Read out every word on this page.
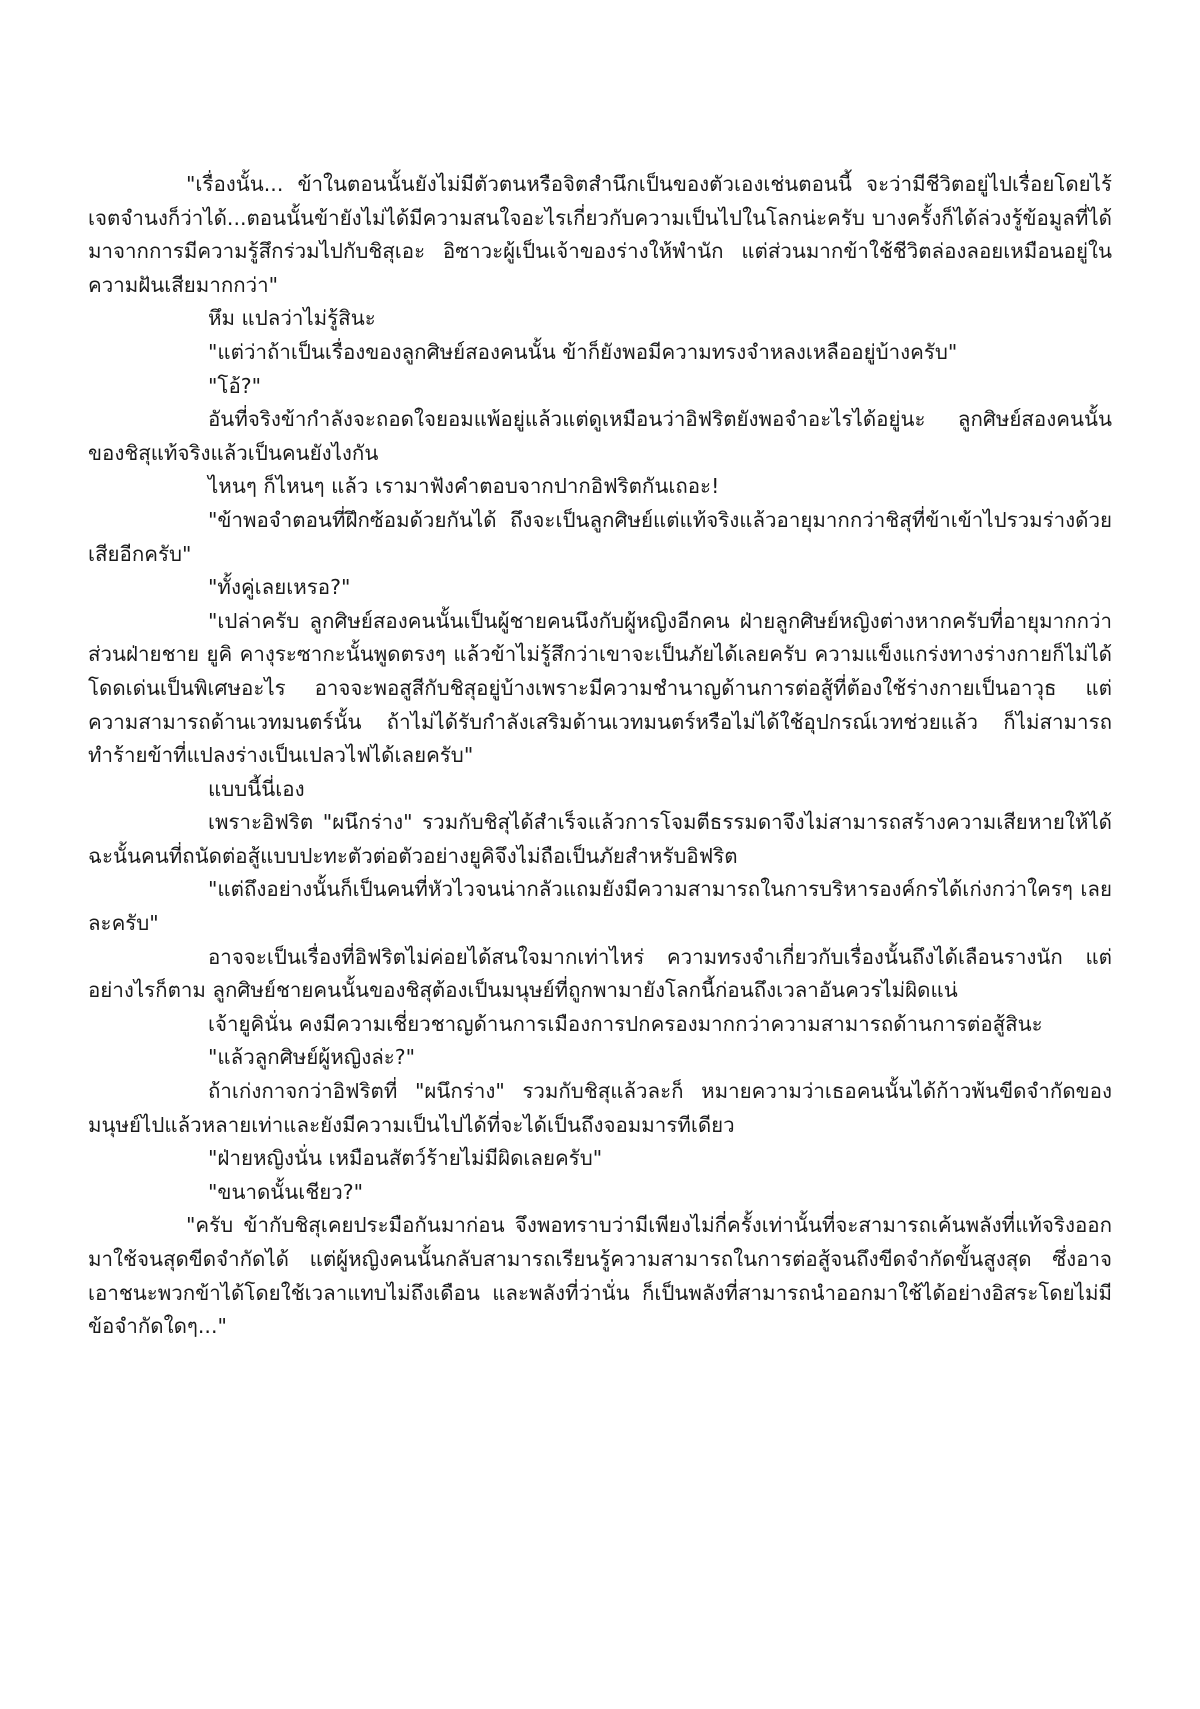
"เรื่องนั้น... ข้าในตอนนั้นยังไม่มีตัวตนหรือจิตสำนึกเป็นของตัวเองเช่นตอนนี้ จะว่ามีชีวิตอยู่ไปเรื่อยโดยไร้เจตจำนงก็ว่าได้...ตอนนั้นข้ายังไม่ได้มีความสนใจอะไรเกี่ยวกับความเป็นไปในโลกน่ะครับ บางครั้งก็ได้ล่วงรู้ข้อมูลที่ได้มาจากการมีความรู้สึกร่วมไปกับชิสุเอะ อิซาวะผู้เป็นเจ้าของร่างให้พำนัก แต่ส่วนมากข้าใช้ชีวิตล่องลอยเหมือนอยู่ในความฝันเสียมากกว่า"

หึม แปลว่าไม่รู้สินะ

"แต่ว่าถ้าเป็นเรื่องของลูกศิษย์สองคนนั้น ข้าก็ยังพอมีความทรงจำหลงเหลืออยู่บ้างครับ"

"โอ้?"

อันที่จริงข้ากำลังจะถอดใจยอมแพ้อยู่แล้วแต่ดูเหมือนว่าอิฟริตยังพอจำอะไรได้อยู่นะ ลูกศิษย์สองคนนั้นของชิสุแท้จริงแล้วเป็นคนยังไงกัน

ไหนๆ ก็ไหนๆ แล้ว เรามาฟังคำตอบจากปากอิฟริตกันเถอะ!

"ข้าพอจำตอนที่ฝึกซ้อมด้วยกันได้ ถึงจะเป็นลูกศิษย์แต่แท้จริงแล้วอายุมากกว่าชิสุที่ข้าเข้าไปรวมร่างด้วยเสียอีกครับ"

"ทั้งคู่เลยเหรอ?"

"เปล่าครับ ลูกศิษย์สองคนนั้นเป็นผู้ชายคนนึงกับผู้หญิงอีกคน ฝ่ายลูกศิษย์หญิงต่างหากครับที่อายุมากกว่า ส่วนฝ่ายชาย ยูคิ คางุระซากะนั้นพูดตรงๆ แล้วข้าไม่รู้สึกว่าเขาจะเป็นภัยได้เลยครับ ความแข็งแกร่งทางร่างกายก็ไม่ได้โดดเด่นเป็นพิเศษอะไร อาจจะพอสูสีกับชิสุอยู่บ้างเพราะมีความชำนาญด้านการต่อสู้ที่ต้องใช้ร่างกายเป็นอาวุธ แต่ความสามารถด้านเวทมนตร์นั้น ถ้าไม่ได้รับกำลังเสริมด้านเวทมนตร์หรือไม่ได้ใช้อุปกรณ์เวทช่วยแล้ว ก็ไม่สามารถทำร้ายข้าที่แปลงร่างเป็นเปลวไฟได้เลยครับ"

แบบนี้นี่เอง

เพราะอิฟริต "ผนึกร่าง" รวมกับชิสุได้สำเร็จแล้วการโจมตีธรรมดาจึงไม่สามารถสร้างความเสียหายให้ได้ ฉะนั้นคนที่ถนัดต่อสู้แบบปะทะตัวต่อตัวอย่างยูคิจึงไม่ถือเป็นภัยสำหรับอิฟริต

"แต่ถึงอย่างนั้นก็เป็นคนที่หัวไวจนน่ากลัวแถมยังมีความสามารถในการบริหารองค์กรได้เก่งกว่าใครๆ เลยละครับ"

อาจจะเป็นเรื่องที่อิฟริตไม่ค่อยได้สนใจมากเท่าไหร่ ความทรงจำเกี่ยวกับเรื่องนั้นถึงได้เลือนรางนัก แต่อย่างไรก็ตาม ลูกศิษย์ชายคนนั้นของชิสุต้องเป็นมนุษย์ที่ถูกพามายังโลกนี้ก่อนถึงเวลาอันควรไม่ผิดแน่

เจ้ายูคินั่น คงมีความเชี่ยวชาญด้านการเมืองการปกครองมากกว่าความสามารถด้านการต่อสู้สินะ

"แล้วลูกศิษย์ผู้หญิงล่ะ?"

ถ้าเก่งกาจกว่าอิฟริตที่ "ผนึกร่าง" รวมกับชิสุแล้วละก็ หมายความว่าเธอคนนั้นได้ก้าวพ้นขีดจำกัดของมนุษย์ไปแล้วหลายเท่าและยังมีความเป็นไปได้ที่จะได้เป็นถึงจอมมารทีเดียว

"ฝ่ายหญิงนั่น เหมือนสัตว์ร้ายไม่มีผิดเลยครับ"

"ขนาดนั้นเชียว?"

"ครับ ข้ากับชิสุเคยประมือกันมาก่อน จึงพอทราบว่ามีเพียงไม่กี่ครั้งเท่านั้นที่จะสามารถเค้นพลังที่แท้จริงออกมาใช้จนสุดขีดจำกัดได้ แต่ผู้หญิงคนนั้นกลับสามารถเรียนรู้ความสามารถในการต่อสู้จนถึงขีดจำกัดขั้นสูงสุด ซึ่งอาจเอาชนะพวกข้าได้โดยใช้เวลาแทบไม่ถึงเดือน และพลังที่ว่านั่น ก็เป็นพลังที่สามารถนำออกมาใช้ได้อย่างอิสระโดยไม่มีข้อจำกัดใดๆ..."
